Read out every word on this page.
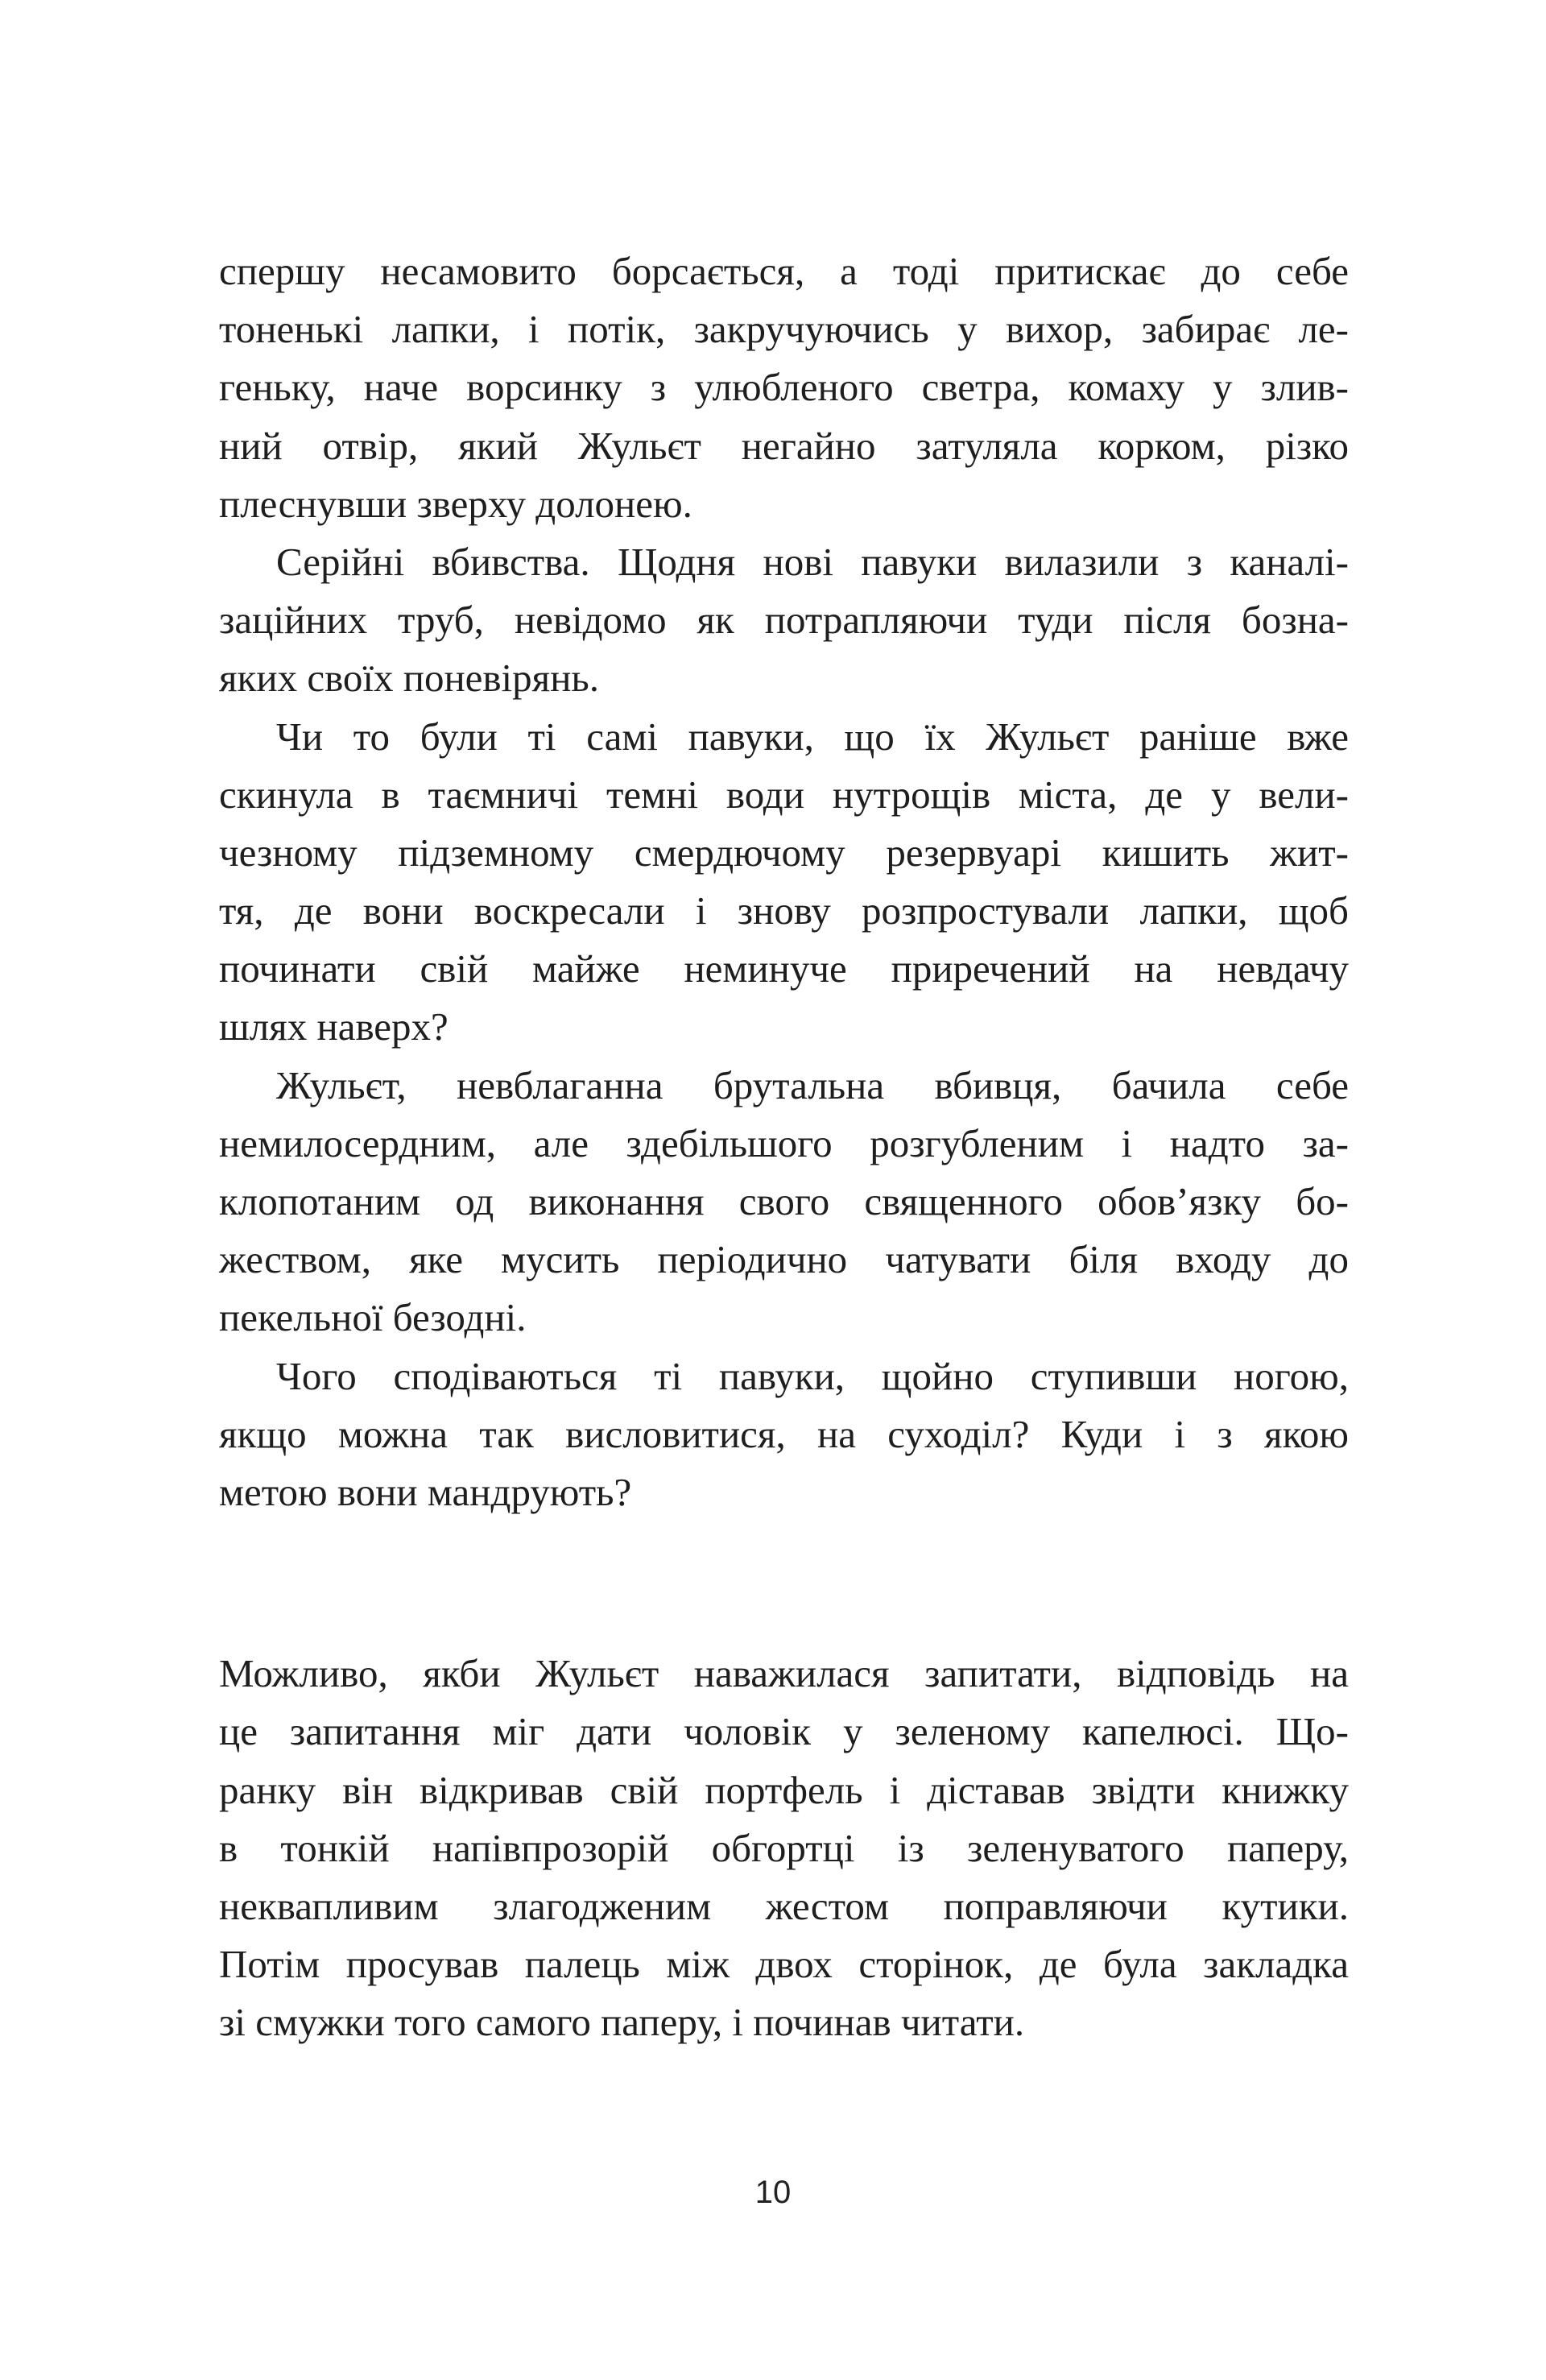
спершу несамовито борсається, а тоді притискає до себе
тоненькі лапки, і потік, закручуючись у вихор, забирає ле-
геньку, наче ворсинку з улюбленого светра, комаху у злив-
ний отвір, який Жульєт негайно затуляла корком, різко
плеснувши зверху долонею.
Серійні вбивства. Щодня нові павуки вилазили з каналі-
заційних труб, невідомо як потрапляючи туди після бозна-
яких своїх поневірянь.
Чи то були ті самі павуки, що їх Жульєт раніше вже
скинула в таємничі темні води нутрощів міста, де у вели-
чезному підземному смердючому резервуарі кишить жит-
тя, де вони воскресали і знову розпростували лапки, щоб
починати свій майже неминуче приречений на невдачу
шлях наверх?
Жульєт, невблаганна брутальна вбивця, бачила себе
немилосердним, але здебільшого розгубленим і надто за-
клопотаним од виконання свого священного обов’язку бо-
жеством, яке мусить періодично чатувати біля входу до
пекельної безодні.
Чого сподіваються ті павуки, щойно ступивши ногою,
якщо можна так висловитися, на суходіл? Куди і з якою
метою вони мандрують?
Можливо, якби Жульєт наважилася запитати, відповідь на
це запитання міг дати чоловік у зеленому капелюсі. Що-
ранку він відкривав свій портфель і діставав звідти книжку
в тонкій напівпрозорій обгортці із зеленуватого паперу,
неквапливим злагодженим жестом поправляючи кутики.
Потім просував палець між двох сторінок, де була закладка
зі смужки того самого паперу, і починав читати.
10
